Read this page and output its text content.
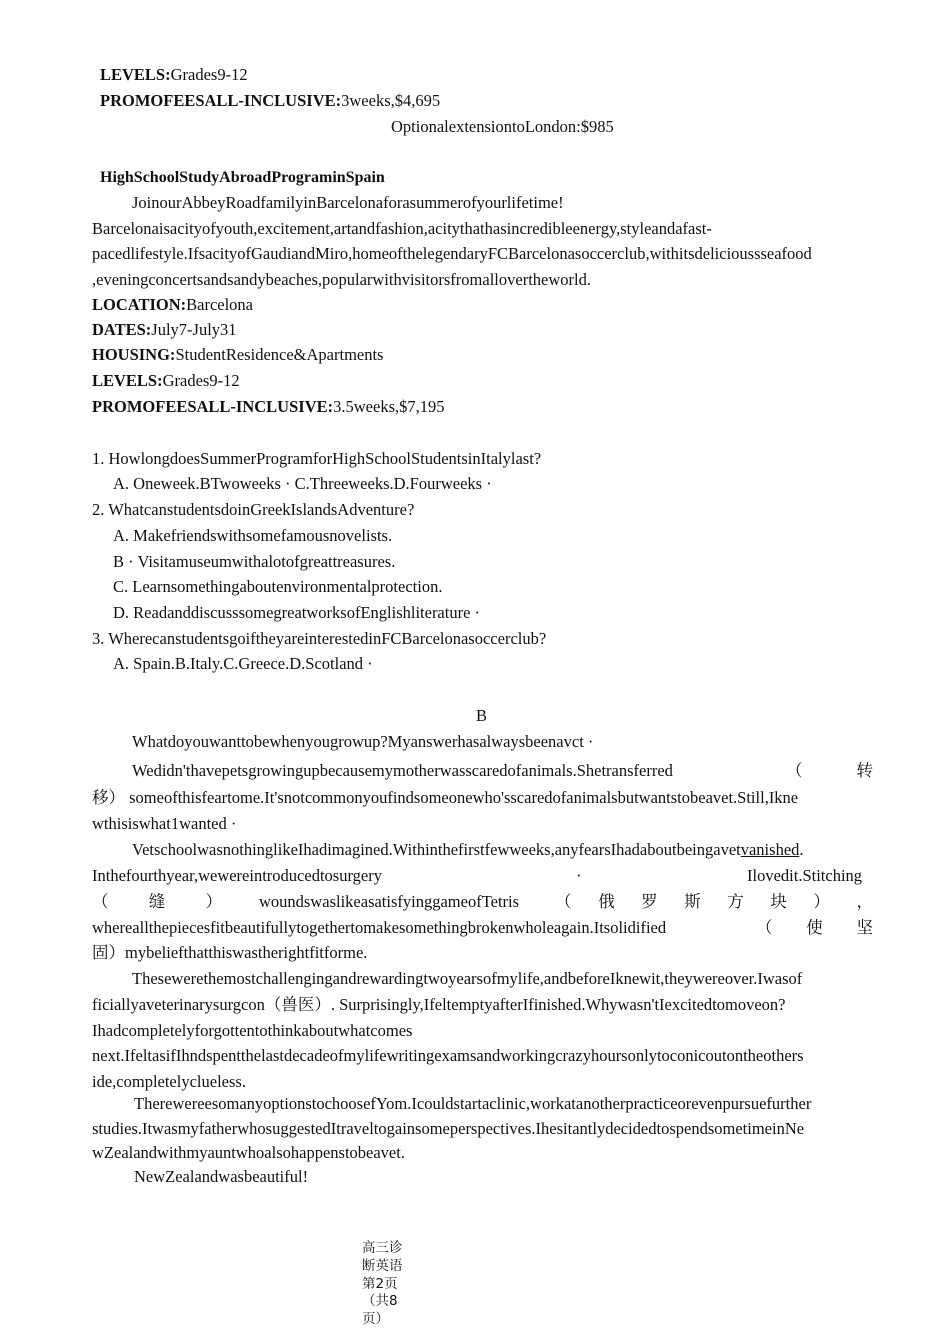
LEVELS:Grades9-12
PROMOFEESALL-INCLUSIVE:3weeks,$4,695
OptionalextensiontoLondon:$985
HighSchoolStudyAbroadPrograminSpain
JoinourAbbeyRoadfamilyinBarcelonaforasummerofyourlifetime!
Barcelonaisacityofyouth,excitement,artandfashion,acitythathasincredibleenergy,styleandafast-
pacedlifestyle.IfsacityofGaudiandMiro,homeofthelegendaryFCBarcelonasoccerclub,withitsdelicioussseafood
,eveningconcertsandsandybeaches,popularwithvisitorsfromallovertheworld.
LOCATION:Barcelona
DATES:July7-July31
HOUSING:StudentResidence&Apartments
LEVELS:Grades9-12
PROMOFEESALL-INCLUSIVE:3.5weeks,$7,195
1. HowlongdoesSummerProgramforHighSchoolStudentsinItalylast?
A. Oneweek.BTwoweeks · C.Threeweeks.D.Fourweeks ·
2. WhatcanstudentsdoinGreekIslandsAdventure?
A. Makefriendswithsomefamousnovelists.
B · Visitamuseumwithalotofgreattreasures.
C. Learnsomethingaboutenvironmentalprotection.
D. ReadanddiscusssomegreatworksofEnglishliterature ·
3. WherecanstudentsgoiftheyareinterestedinFCBarcelonasoccerclub?
A. Spain.B.Italy.C.Greece.D.Scotland ·
B
Whatdoyouwanttobewhenyougrowup?Myanswerhasalwaysbeenavct ·
Wedidn'thavepetsgrowingupbecausemymotherwasscaredofanimals.Shetransferred	（ 转
移） someofthisfeartome.It'snotcommonyoufindsomeonewho'sscaredofanimalsbutwantstobeavet.Still,Ikne
wthisiswhat1wanted ·
VetschoolwasnothinglikeIhadimagined.Withinthefirstfewweeks,anyfearsIhadaboutbeingavetvanished.
Inthefourthyear,wewereintroducedtosurgery	·	Ilovedit.Stitching
（ 缝 ） woundswaslikeasatisfyinggameofTetris （ 俄 罗 斯 方 块 ） ，
whereallthepiecesfitbeautifullytogethertomakesomethingbrokenwholeagain.Itsolidified	（ 使 坚
固）mybeliefthatthiswastherightfitforme.
Thesewerethemostchallengingandrewardingtwoyearsofmylife,andbeforeIknewit,theywereover.Iwasof
ficiallyaveterinarysurgcon（兽医）. Surprisingly,IfeltemptyafterIfinished.Whywasn'tIexcitedtomoveon?
Ihadcompletelyforgottentothinkaboutwhatcomes
next.IfeltasifIhndspentthelastdecadeofmylifewritingexamsandworkingcrazyhoursonlytoconicoutontheothers
ide,completelyclueless.
TherewereesomanyoptionstochoosefYom.Icouldstartaclinic,workatanotherpracticeorevenpursuefurther
studies.ItwasmyfatherwhosuggestedItraveltogainsomeperspectives.IhesitantlydecidedtospendsometimeinNe
wZealandwithmyauntwhoalsohappenstobeavet.
NewZealandwasbeautiful!
高三诊断英语第2页（共8页）
